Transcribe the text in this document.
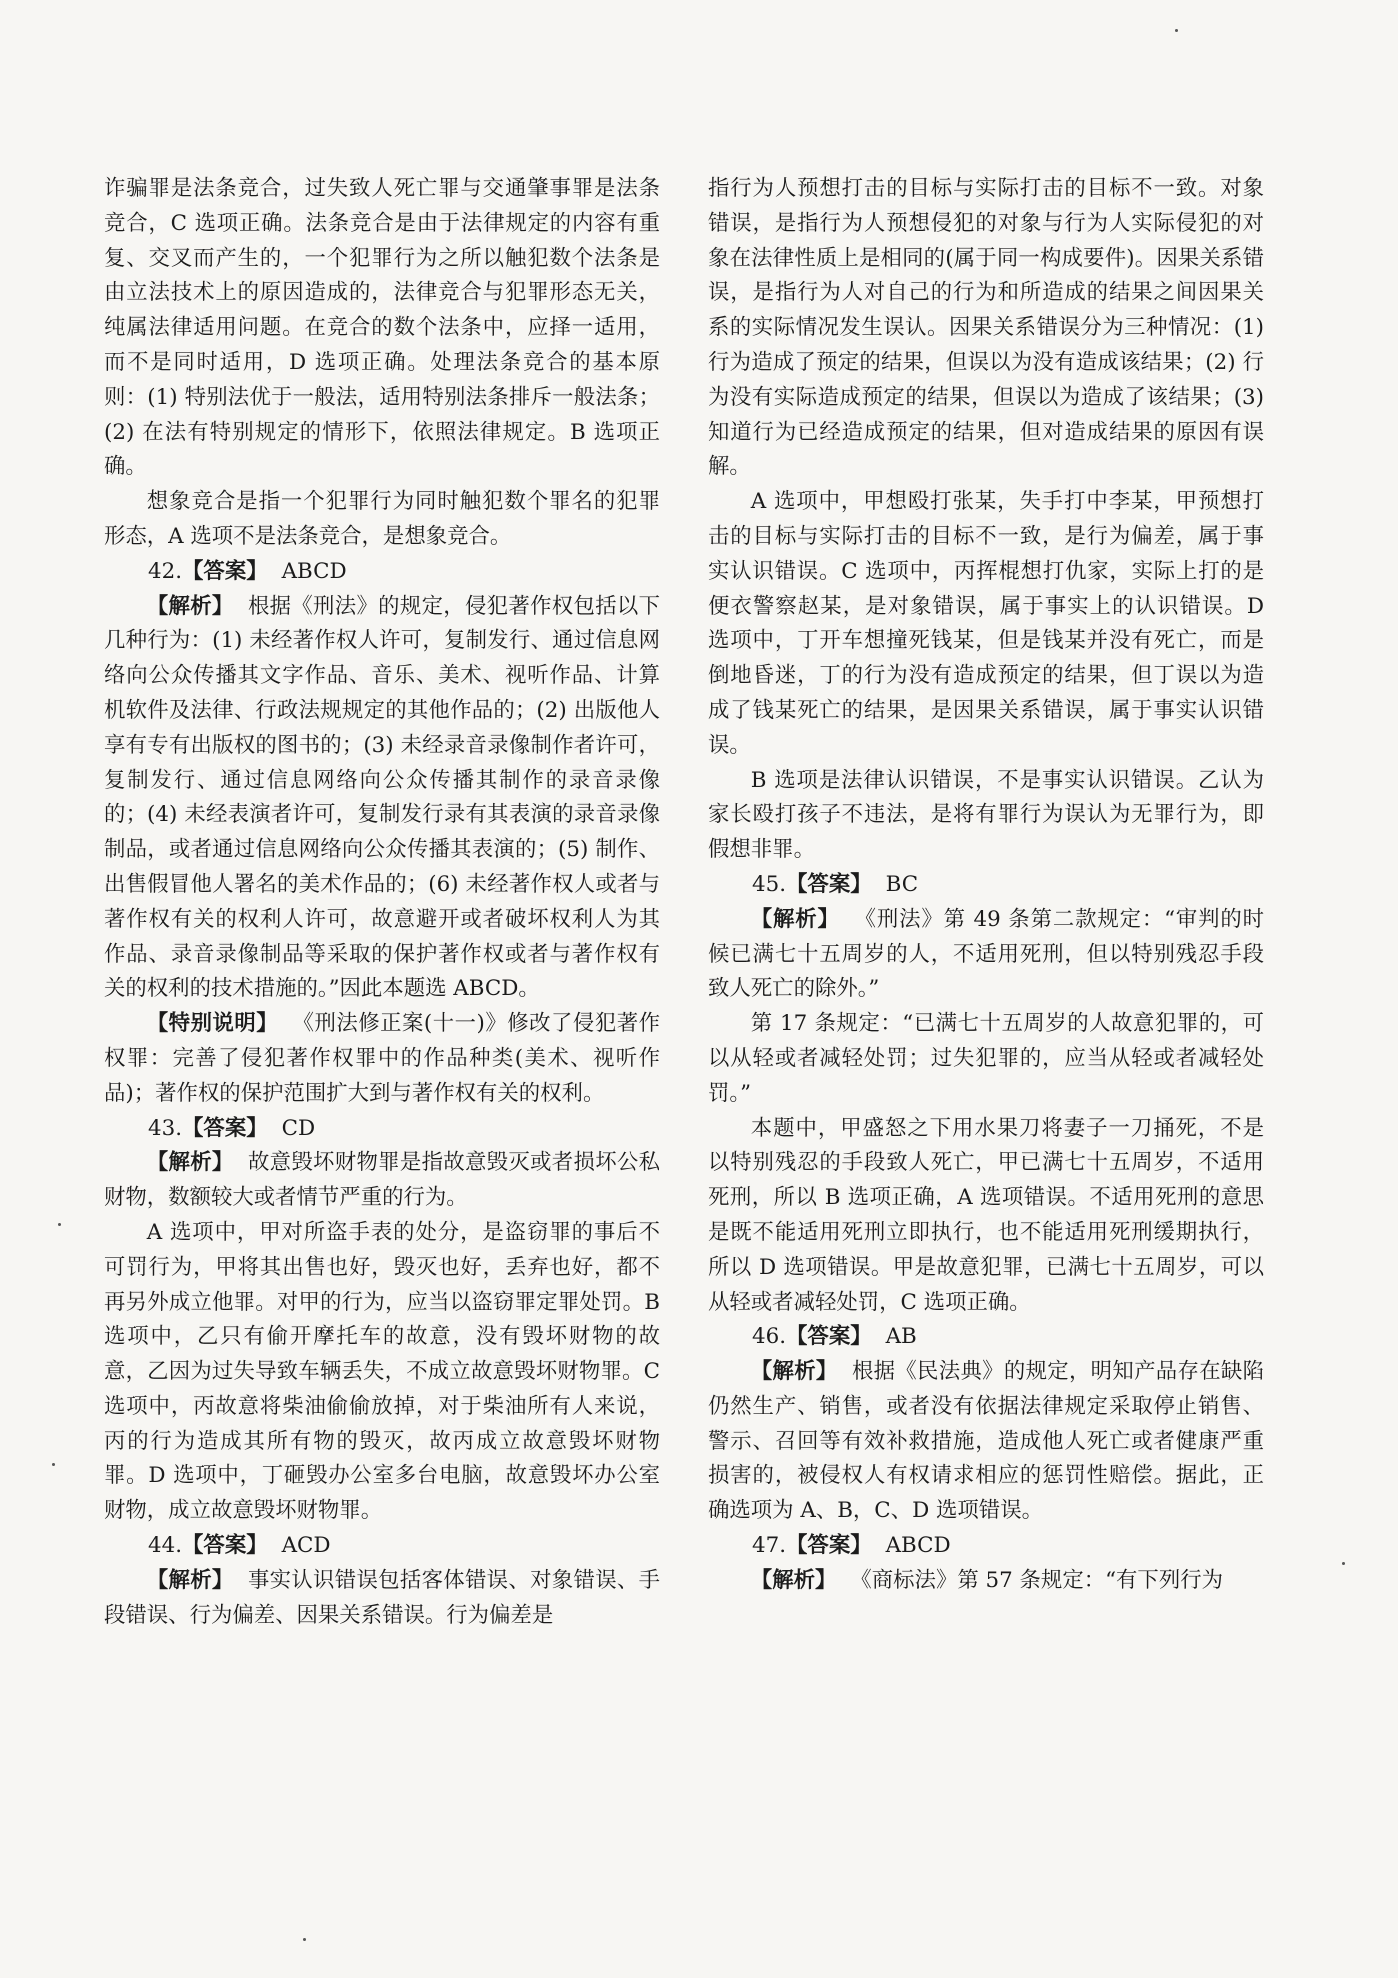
诈骗罪是法条竞合，过失致人死亡罪与交通肇事罪是法条竞合，C 选项正确。法条竞合是由于法律规定的内容有重复、交叉而产生的，一个犯罪行为之所以触犯数个法条是由立法技术上的原因造成的，法律竞合与犯罪形态无关，纯属法律适用问题。在竞合的数个法条中，应择一适用，而不是同时适用，D 选项正确。处理法条竞合的基本原则：(1) 特别法优于一般法，适用特别法条排斥一般法条；(2) 在法有特别规定的情形下，依照法律规定。B 选项正确。

想象竞合是指一个犯罪行为同时触犯数个罪名的犯罪形态，A 选项不是法条竞合，是想象竞合。

42.【答案】 ABCD

【解析】 根据《刑法》的规定，侵犯著作权包括以下几种行为：(1) 未经著作权人许可，复制发行、通过信息网络向公众传播其文字作品、音乐、美术、视听作品、计算机软件及法律、行政法规规定的其他作品的；(2) 出版他人享有专有出版权的图书的；(3) 未经录音录像制作者许可，复制发行、通过信息网络向公众传播其制作的录音录像的；(4) 未经表演者许可，复制发行录有其表演的录音录像制品，或者通过信息网络向公众传播其表演的；(5) 制作、出售假冒他人署名的美术作品的；(6) 未经著作权人或者与著作权有关的权利人许可，故意避开或者破坏权利人为其作品、录音录像制品等采取的保护著作权或者与著作权有关的权利的技术措施的。”因此本题选 ABCD。

【特别说明】 《刑法修正案(十一)》修改了侵犯著作权罪：完善了侵犯著作权罪中的作品种类(美术、视听作品)；著作权的保护范围扩大到与著作权有关的权利。

43.【答案】 CD

【解析】 故意毁坏财物罪是指故意毁灭或者损坏公私财物，数额较大或者情节严重的行为。

A 选项中，甲对所盗手表的处分，是盗窃罪的事后不可罚行为，甲将其出售也好，毁灭也好，丢弃也好，都不再另外成立他罪。对甲的行为，应当以盗窃罪定罪处罚。B 选项中，乙只有偷开摩托车的故意，没有毁坏财物的故意，乙因为过失导致车辆丢失，不成立故意毁坏财物罪。C 选项中，丙故意将柴油偷偷放掉，对于柴油所有人来说，丙的行为造成其所有物的毁灭，故丙成立故意毁坏财物罪。D 选项中，丁砸毁办公室多台电脑，故意毁坏办公室财物，成立故意毁坏财物罪。

44.【答案】 ACD

【解析】 事实认识错误包括客体错误、对象错误、手段错误、行为偏差、因果关系错误。行为偏差是

指行为人预想打击的目标与实际打击的目标不一致。对象错误，是指行为人预想侵犯的对象与行为人实际侵犯的对象在法律性质上是相同的(属于同一构成要件)。因果关系错误，是指行为人对自己的行为和所造成的结果之间因果关系的实际情况发生误认。因果关系错误分为三种情况：(1) 行为造成了预定的结果，但误以为没有造成该结果；(2) 行为没有实际造成预定的结果，但误以为造成了该结果；(3) 知道行为已经造成预定的结果，但对造成结果的原因有误解。

A 选项中，甲想殴打张某，失手打中李某，甲预想打击的目标与实际打击的目标不一致，是行为偏差，属于事实认识错误。C 选项中，丙挥棍想打仇家，实际上打的是便衣警察赵某，是对象错误，属于事实上的认识错误。D 选项中，丁开车想撞死钱某，但是钱某并没有死亡，而是倒地昏迷，丁的行为没有造成预定的结果，但丁误以为造成了钱某死亡的结果，是因果关系错误，属于事实认识错误。

B 选项是法律认识错误，不是事实认识错误。乙认为家长殴打孩子不违法，是将有罪行为误认为无罪行为，即假想非罪。

45.【答案】 BC

【解析】 《刑法》第 49 条第二款规定：“审判的时候已满七十五周岁的人，不适用死刑，但以特别残忍手段致人死亡的除外。”

第 17 条规定：“已满七十五周岁的人故意犯罪的，可以从轻或者减轻处罚；过失犯罪的，应当从轻或者减轻处罚。”

本题中，甲盛怒之下用水果刀将妻子一刀捅死，不是以特别残忍的手段致人死亡，甲已满七十五周岁，不适用死刑，所以 B 选项正确，A 选项错误。不适用死刑的意思是既不能适用死刑立即执行，也不能适用死刑缓期执行，所以 D 选项错误。甲是故意犯罪，已满七十五周岁，可以从轻或者减轻处罚，C 选项正确。

46.【答案】 AB

【解析】 根据《民法典》的规定，明知产品存在缺陷仍然生产、销售，或者没有依据法律规定采取停止销售、警示、召回等有效补救措施，造成他人死亡或者健康严重损害的，被侵权人有权请求相应的惩罚性赔偿。据此，正确选项为 A、B，C、D 选项错误。

47.【答案】 ABCD

【解析】 《商标法》第 57 条规定：“有下列行为
